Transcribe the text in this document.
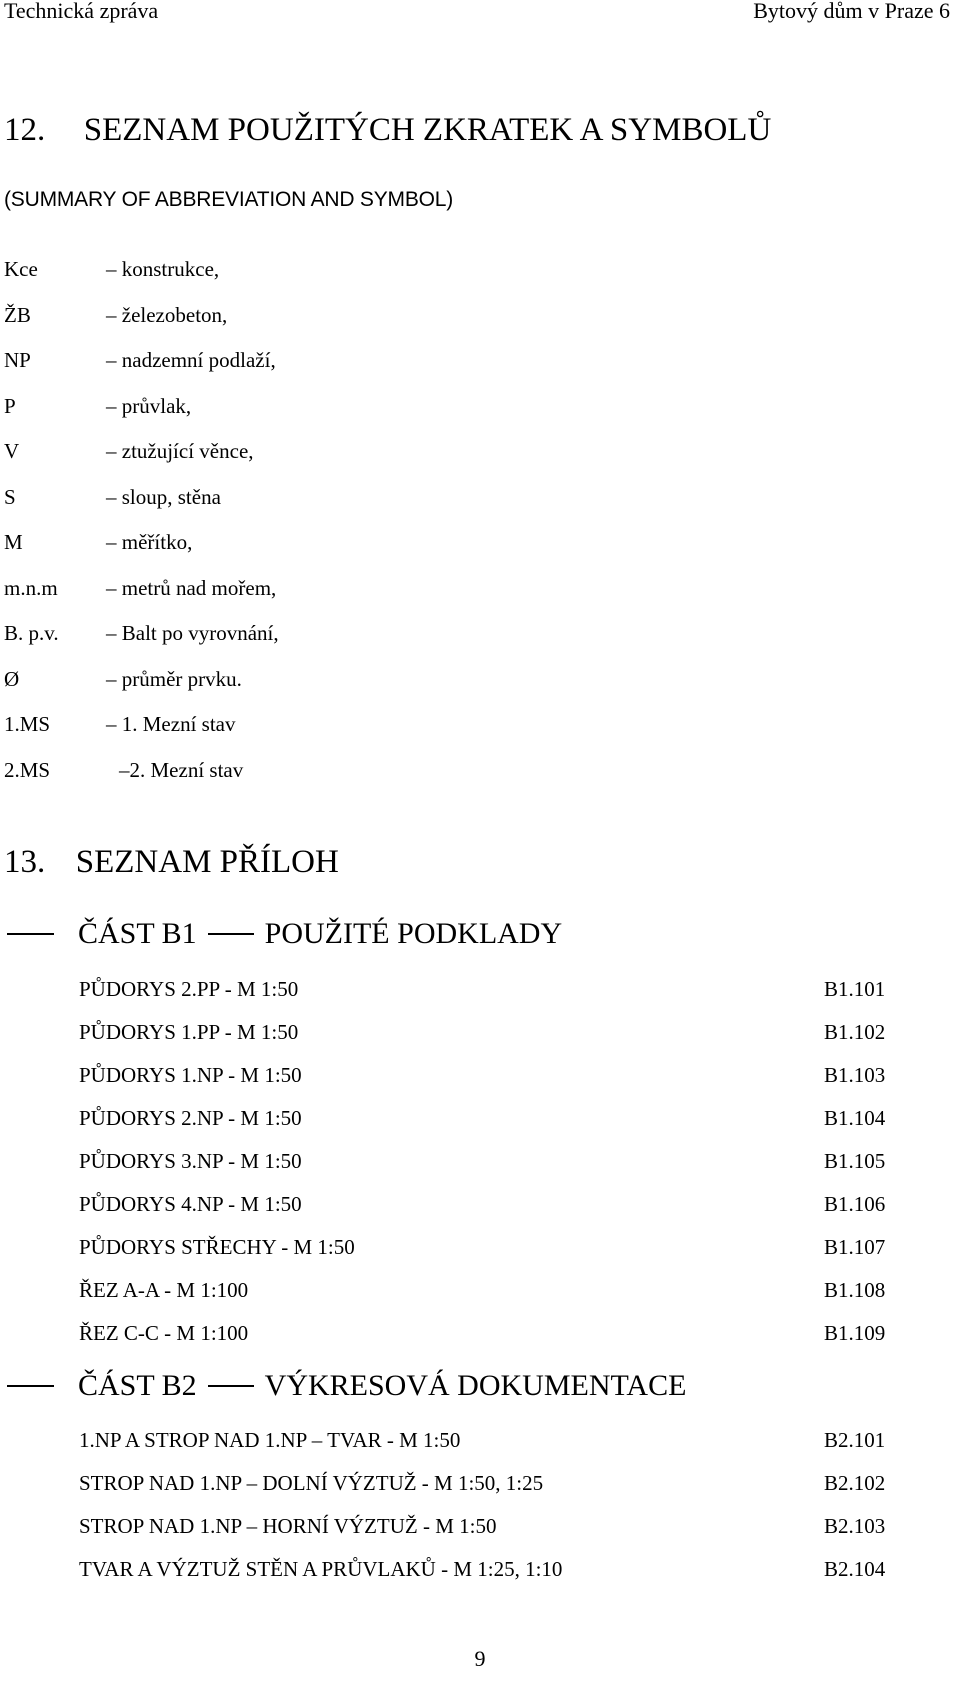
Technická zpráva	Bytový dům v Praze 6
12. SEZNAM POUŽITÝCH ZKRATEK A SYMBOLŮ
(SUMMARY OF ABBREVIATION AND SYMBOL)
Kce	– konstrukce,
ŽB	– železobeton,
NP	– nadzemní podlaží,
P	– průvlak,
V	– ztužující věnce,
S	– sloup, stěna
M	– měřítko,
m.n.m – metrů nad mořem,
B. p.v. – Balt po vyrovnání,
Ø	– průměr prvku.
1.MS	– 1. Mezní stav
2.MS	–2. Mezní stav
13. SEZNAM PŘÍLOH
ČÁST B1 POUŽITÉ PODKLADY
PŮDORYS 2.PP - M 1:50	B1.101
PŮDORYS 1.PP - M 1:50	B1.102
PŮDORYS 1.NP - M 1:50	B1.103
PŮDORYS 2.NP - M 1:50	B1.104
PŮDORYS 3.NP - M 1:50	B1.105
PŮDORYS 4.NP - M 1:50	B1.106
PŮDORYS STŘECHY - M 1:50	B1.107
ŘEZ A-A - M 1:100	B1.108
ŘEZ C-C - M 1:100	B1.109
ČÁST B2 VÝKRESOVÁ DOKUMENTACE
1.NP A STROP NAD 1.NP – TVAR - M 1:50	B2.101
STROP NAD 1.NP – DOLNÍ VÝZTUŽ - M 1:50, 1:25	B2.102
STROP NAD 1.NP – HORNÍ VÝZTUŽ - M 1:50	B2.103
TVAR A VÝZTUŽ STĚN A PRŮVLAKŮ - M 1:25, 1:10	B2.104
9
